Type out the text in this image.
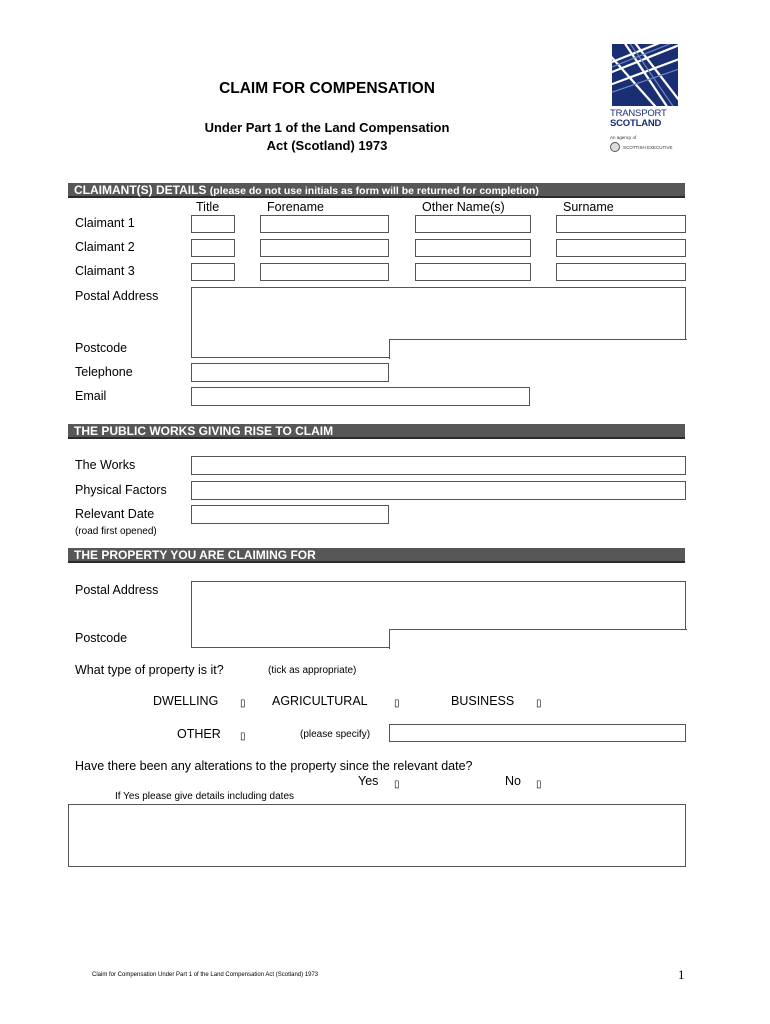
CLAIM FOR COMPENSATION
Under Part 1 of the Land Compensation
Act (Scotland) 1973
TRANSPORT
SCOTLAND
An agency of
SCOTTISH EXECUTIVE
CLAIMANT(S) DETAILS (please do not use initials as form will be returned for completion)
Title	Forename	Other Name(s)	Surname
Claimant 1
Claimant 2
Claimant 3
Postal Address
Postcode
Telephone
Email
THE PUBLIC WORKS GIVING RISE TO CLAIM
The Works
Physical Factors
Relevant Date
(road first opened)
THE PROPERTY YOU ARE CLAIMING FOR
Postal Address
Postcode
What type of property is it?	(tick as appropriate)
DWELLING ▯ AGRICULTURAL	▯	BUSINESS ▯
OTHER ▯	(please specify)
Have there been any alterations to the property since the relevant date?
Yes ▯	No ▯
If Yes please give details including dates
Claim for Compensation Under Part 1 of the Land Compensation Act (Scotland) 1973	1
